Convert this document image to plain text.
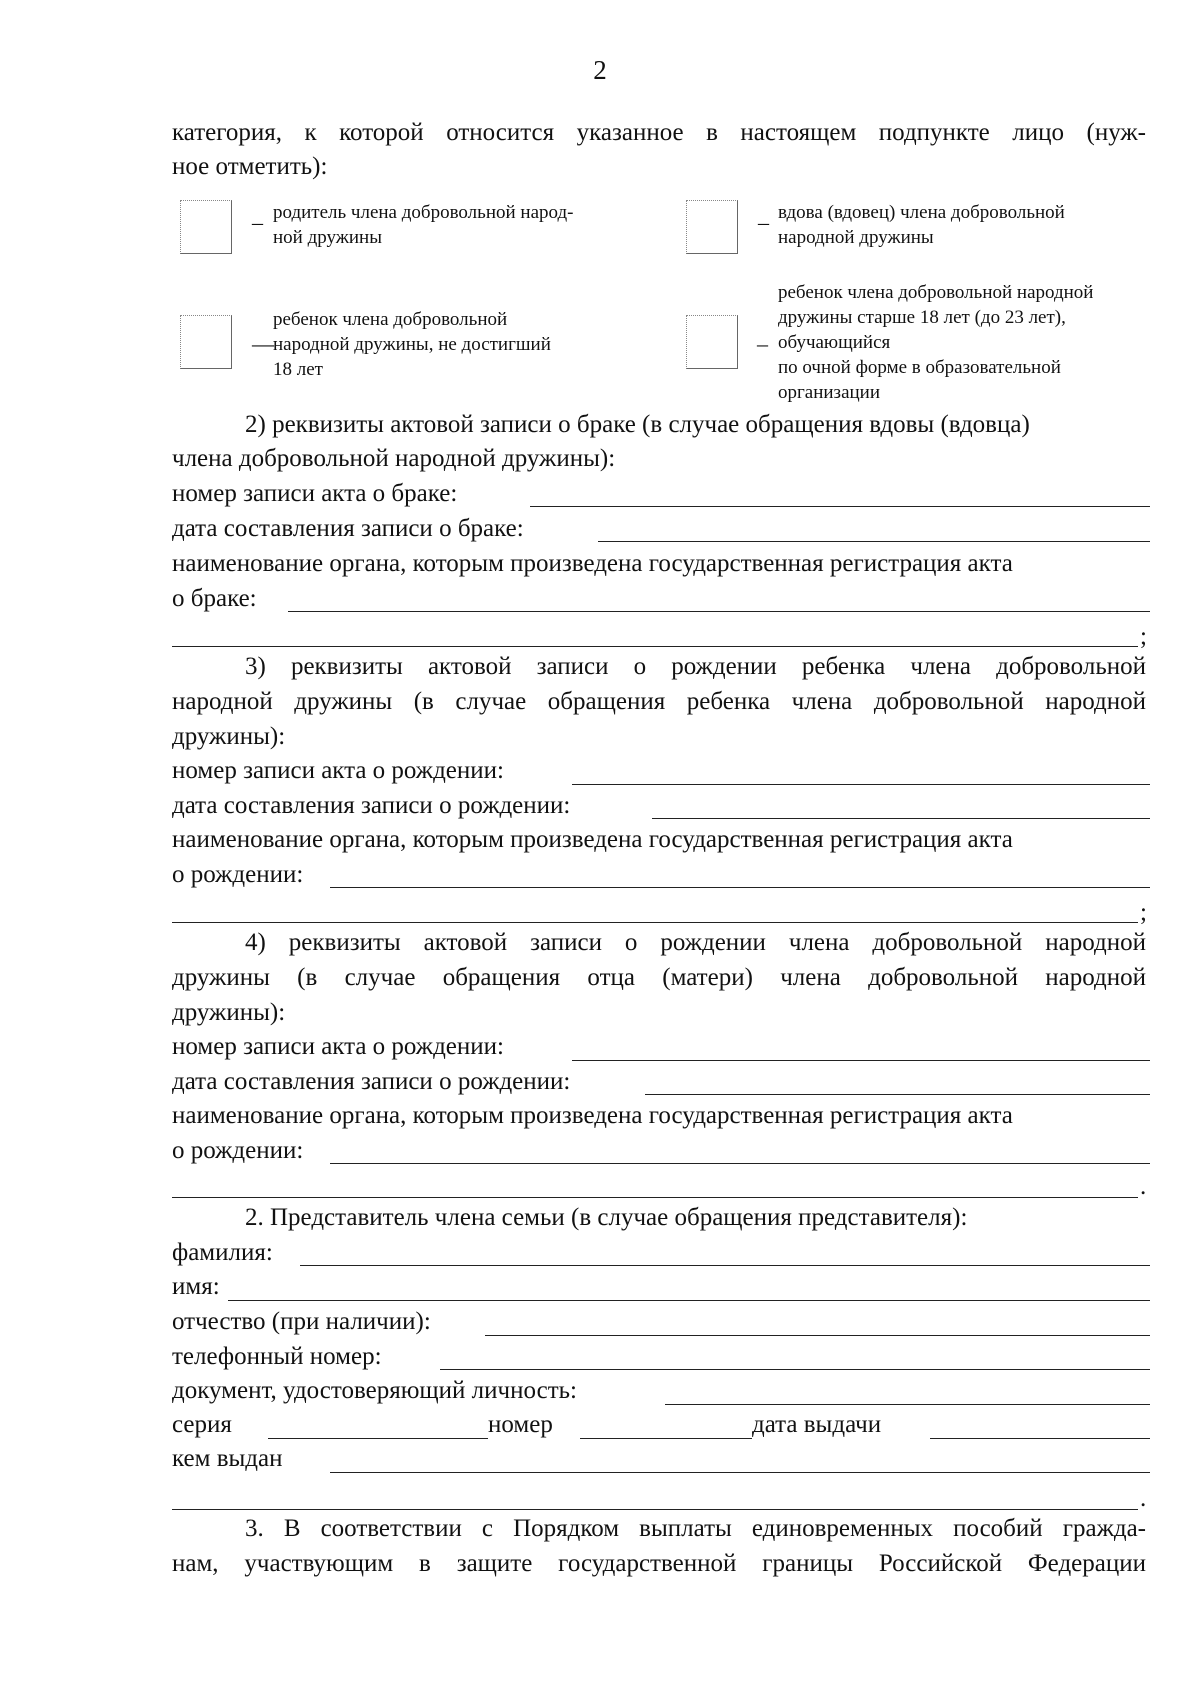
2
категория, к которой относится указанное в настоящем подпункте лицо (нуж-
ное отметить):
_ родитель члена добровольной народ-
ной дружины
_ вдова (вдовец) члена добровольной
народной дружины
—
ребенок члена добровольной
народной дружины, не достигший
18 лет
–
ребенок члена добровольной народной
дружины старше 18 лет (до 23 лет),
обучающийся
по очной форме в образовательной
организации
2) реквизиты актовой записи о браке (в случае обращения вдовы (вдовца)
члена добровольной народной дружины):
номер записи акта о браке:
дата составления записи о браке:
наименование органа, которым произведена государственная регистрация акта
о браке:
;
3) реквизиты актовой записи о рождении ребенка члена добровольной
народной дружины (в случае обращения ребенка члена добровольной народной
дружины):
номер записи акта о рождении:
дата составления записи о рождении:
наименование органа, которым произведена государственная регистрация акта
о рождении:
;
4) реквизиты актовой записи о рождении члена добровольной народной
дружины (в случае обращения отца (матери) члена добровольной народной
дружины):
номер записи акта о рождении:
дата составления записи о рождении:
наименование органа, которым произведена государственная регистрация акта
о рождении:
.
2. Представитель члена семьи (в случае обращения представителя):
фамилия:
имя:
отчество (при наличии):
телефонный номер:
документ, удостоверяющий личность:
серия	номер	дата выдачи
кем выдан
.
3. В соответствии с Порядком выплаты единовременных пособий гражда-
нам, участвующим в защите государственной границы Российской Федерации
